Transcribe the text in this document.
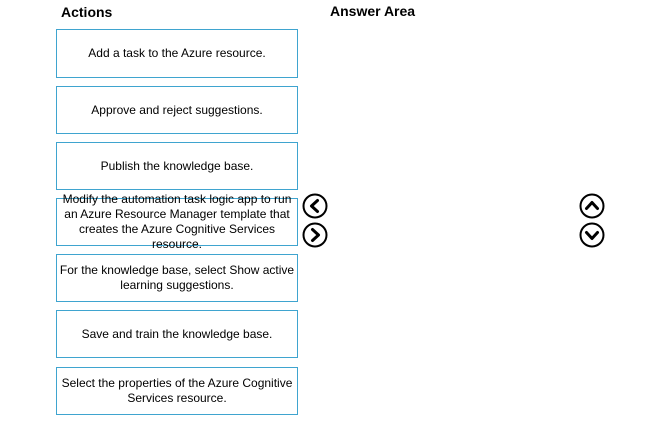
Actions	Answer Area
Add a task to the Azure resource.
Approve and reject suggestions.
Publish the knowledge base.
Modify the automation task logic app to run an Azure Resource Manager template that creates the Azure Cognitive Services resource.
For the knowledge base, select Show active learning suggestions.
Save and train the knowledge base.
Select the properties of the Azure Cognitive Services resource.
